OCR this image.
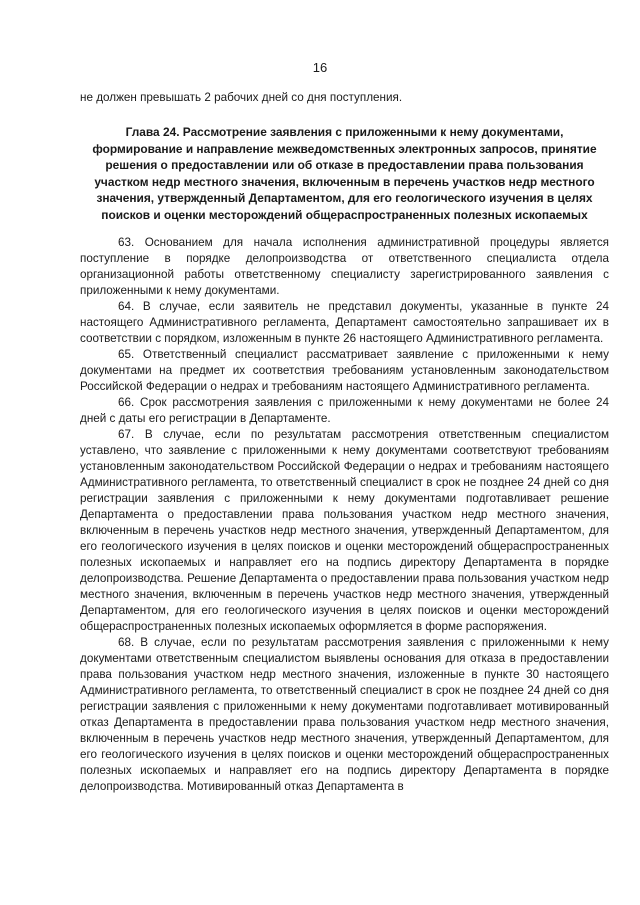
16

не должен превышать 2 рабочих дней со дня поступления.

Глава 24. Рассмотрение заявления с приложенными к нему документами, формирование и направление межведомственных электронных запросов, принятие решения о предоставлении или об отказе в предоставлении права пользования участком недр местного значения, включенным в перечень участков недр местного значения, утвержденный Департаментом, для его геологического изучения в целях поисков и оценки месторождений общераспространенных полезных ископаемых

63. Основанием для начала исполнения административной процедуры является поступление в порядке делопроизводства от ответственного специалиста отдела организационной работы ответственному специалисту зарегистрированного заявления с приложенными к нему документами.

64. В случае, если заявитель не представил документы, указанные в пункте 24 настоящего Административного регламента, Департамент самостоятельно запрашивает их в соответствии с порядком, изложенным в пункте 26 настоящего Административного регламента.

65. Ответственный специалист рассматривает заявление с приложенными к нему документами на предмет их соответствия требованиям установленным законодательством Российской Федерации о недрах и требованиям настоящего Административного регламента.

66. Срок рассмотрения заявления с приложенными к нему документами не более 24 дней с даты его регистрации в Департаменте.

67. В случае, если по результатам рассмотрения ответственным специалистом уставлено, что заявление с приложенными к нему документами соответствуют требованиям установленным законодательством Российской Федерации о недрах и требованиям настоящего Административного регламента, то ответственный специалист в срок не позднее 24 дней со дня регистрации заявления с приложенными к нему документами подготавливает решение Департамента о предоставлении права пользования участком недр местного значения, включенным в перечень участков недр местного значения, утвержденный Департаментом, для его геологического изучения в целях поисков и оценки месторождений общераспространенных полезных ископаемых и направляет его на подпись директору Департамента в порядке делопроизводства. Решение Департамента о предоставлении права пользования участком недр местного значения, включенным в перечень участков недр местного значения, утвержденный Департаментом, для его геологического изучения в целях поисков и оценки месторождений общераспространенных полезных ископаемых оформляется в форме распоряжения.

68. В случае, если по результатам рассмотрения заявления с приложенными к нему документами ответственным специалистом выявлены основания для отказа в предоставлении права пользования участком недр местного значения, изложенные в пункте 30 настоящего Административного регламента, то ответственный специалист в срок не позднее 24 дней со дня регистрации заявления с приложенными к нему документами подготавливает мотивированный отказ Департамента в предоставлении права пользования участком недр местного значения, включенным в перечень участков недр местного значения, утвержденный Департаментом, для его геологического изучения в целях поисков и оценки месторождений общераспространенных полезных ископаемых и направляет его на подпись директору Департамента в порядке делопроизводства. Мотивированный отказ Департамента в
